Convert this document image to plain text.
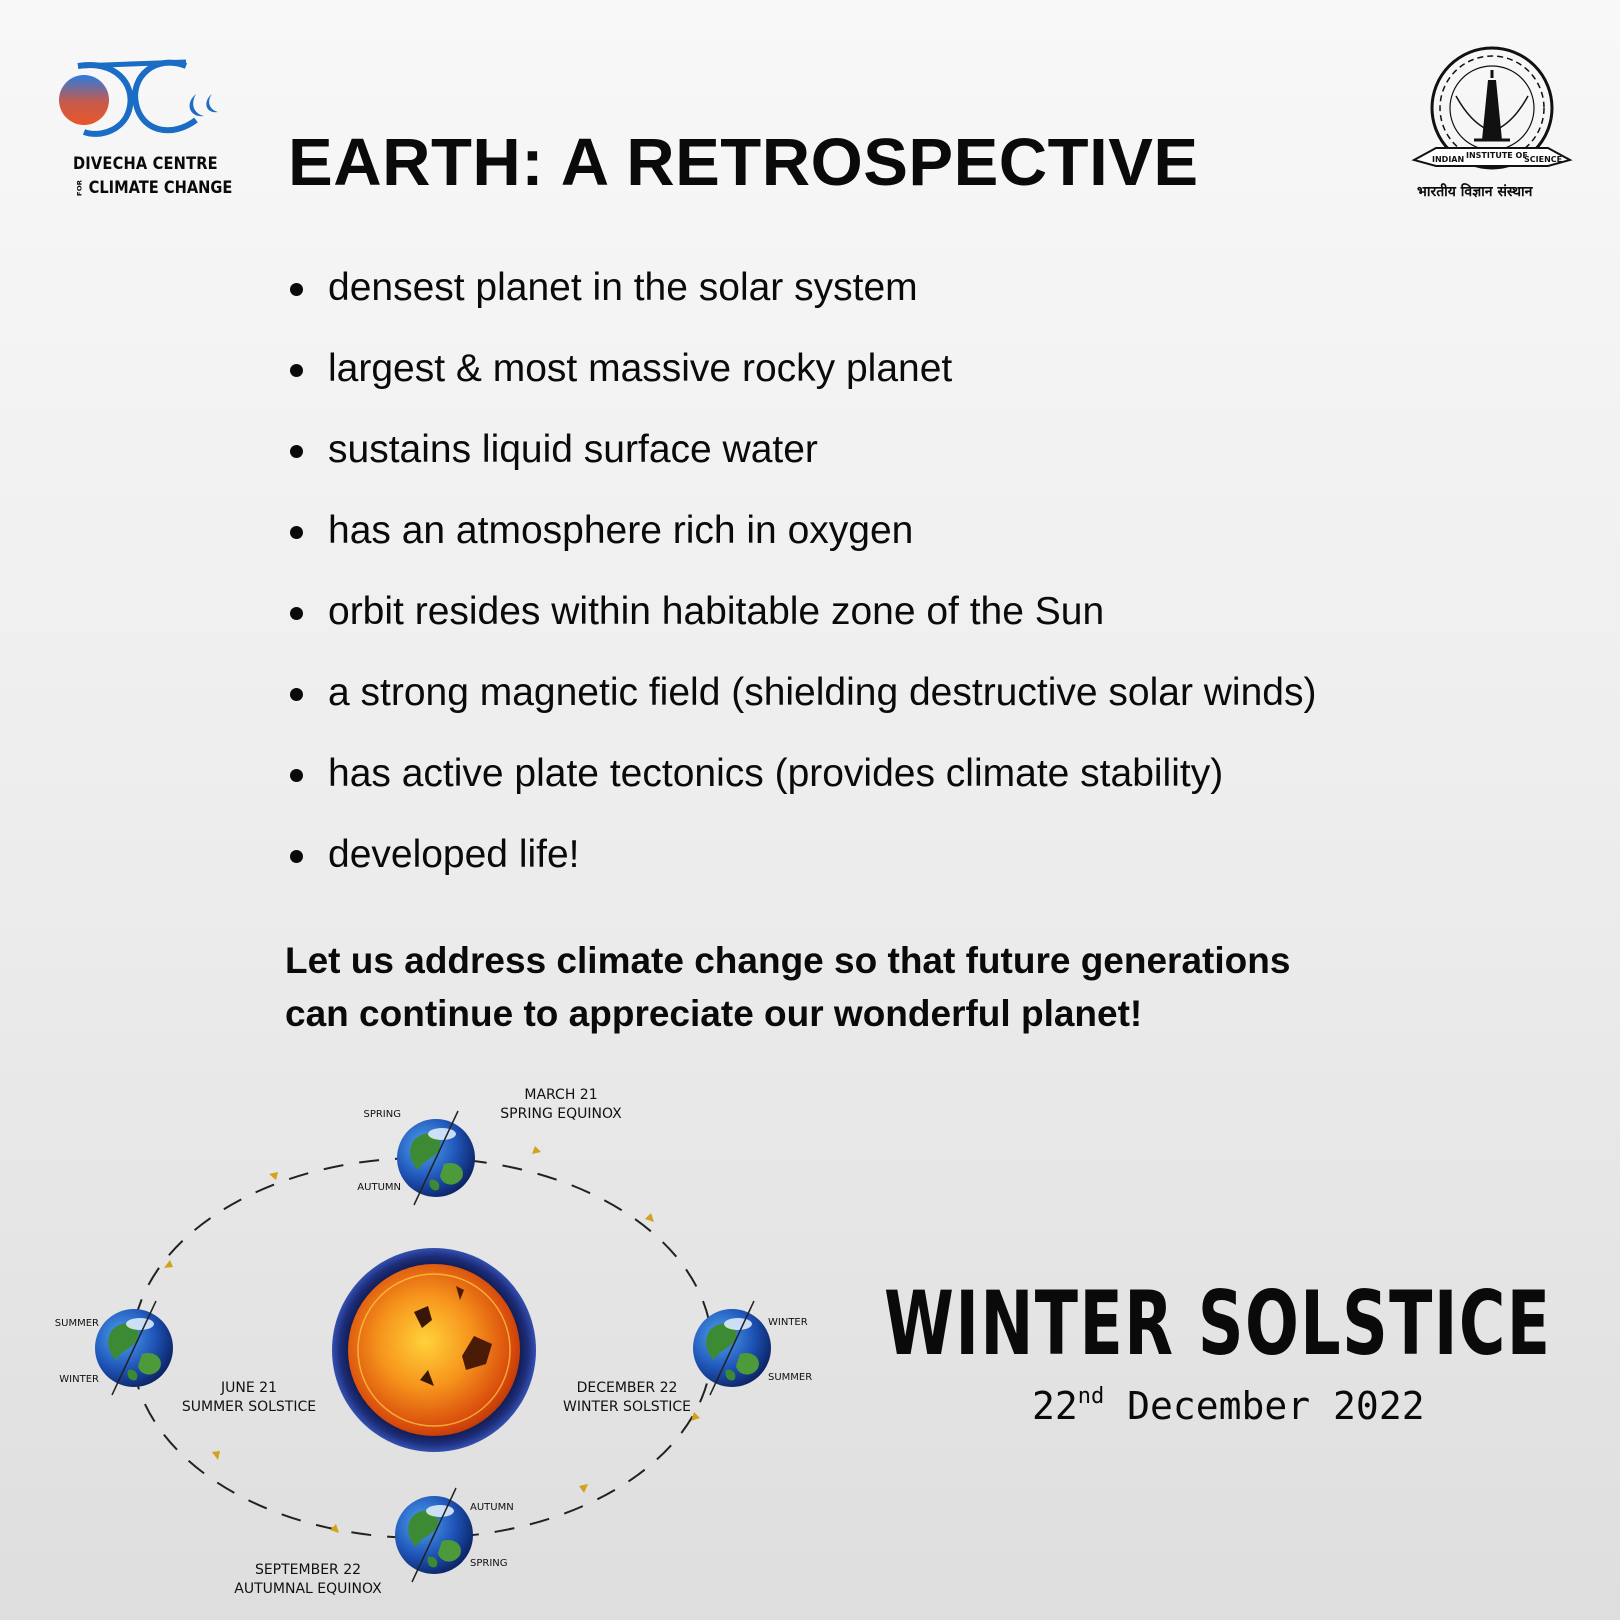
DIVECHA CENTRE
FOR CLIMATE CHANGE EARTH: A RETROSPECTIVE	INDIAN INSTITUTE OF
SCIENCE
भारतीय विज्ञान संस्थान
densest planet in the solar system
largest & most massive rocky planet
sustains liquid surface water
has an atmosphere rich in oxygen
orbit resides within habitable zone of the Sun
a strong magnetic field (shielding destructive solar winds)
has active plate tectonics (provides climate stability)
developed life!
Let us address climate change so that future generations
can continue to appreciate our wonderful planet!
MARCH 21
SPRING EQUINOX
SPRING
AUTUMN
SUMMER
WINTER
JUNE 21
SUMMER SOLSTICE
WINTER
SUMMER
DECEMBER 22
WINTER SOLSTICE
AUTUMN
SPRING
SEPTEMBER 22
AUTUMNAL EQUINOX
WINTER SOLSTICE
22nd December 2022
